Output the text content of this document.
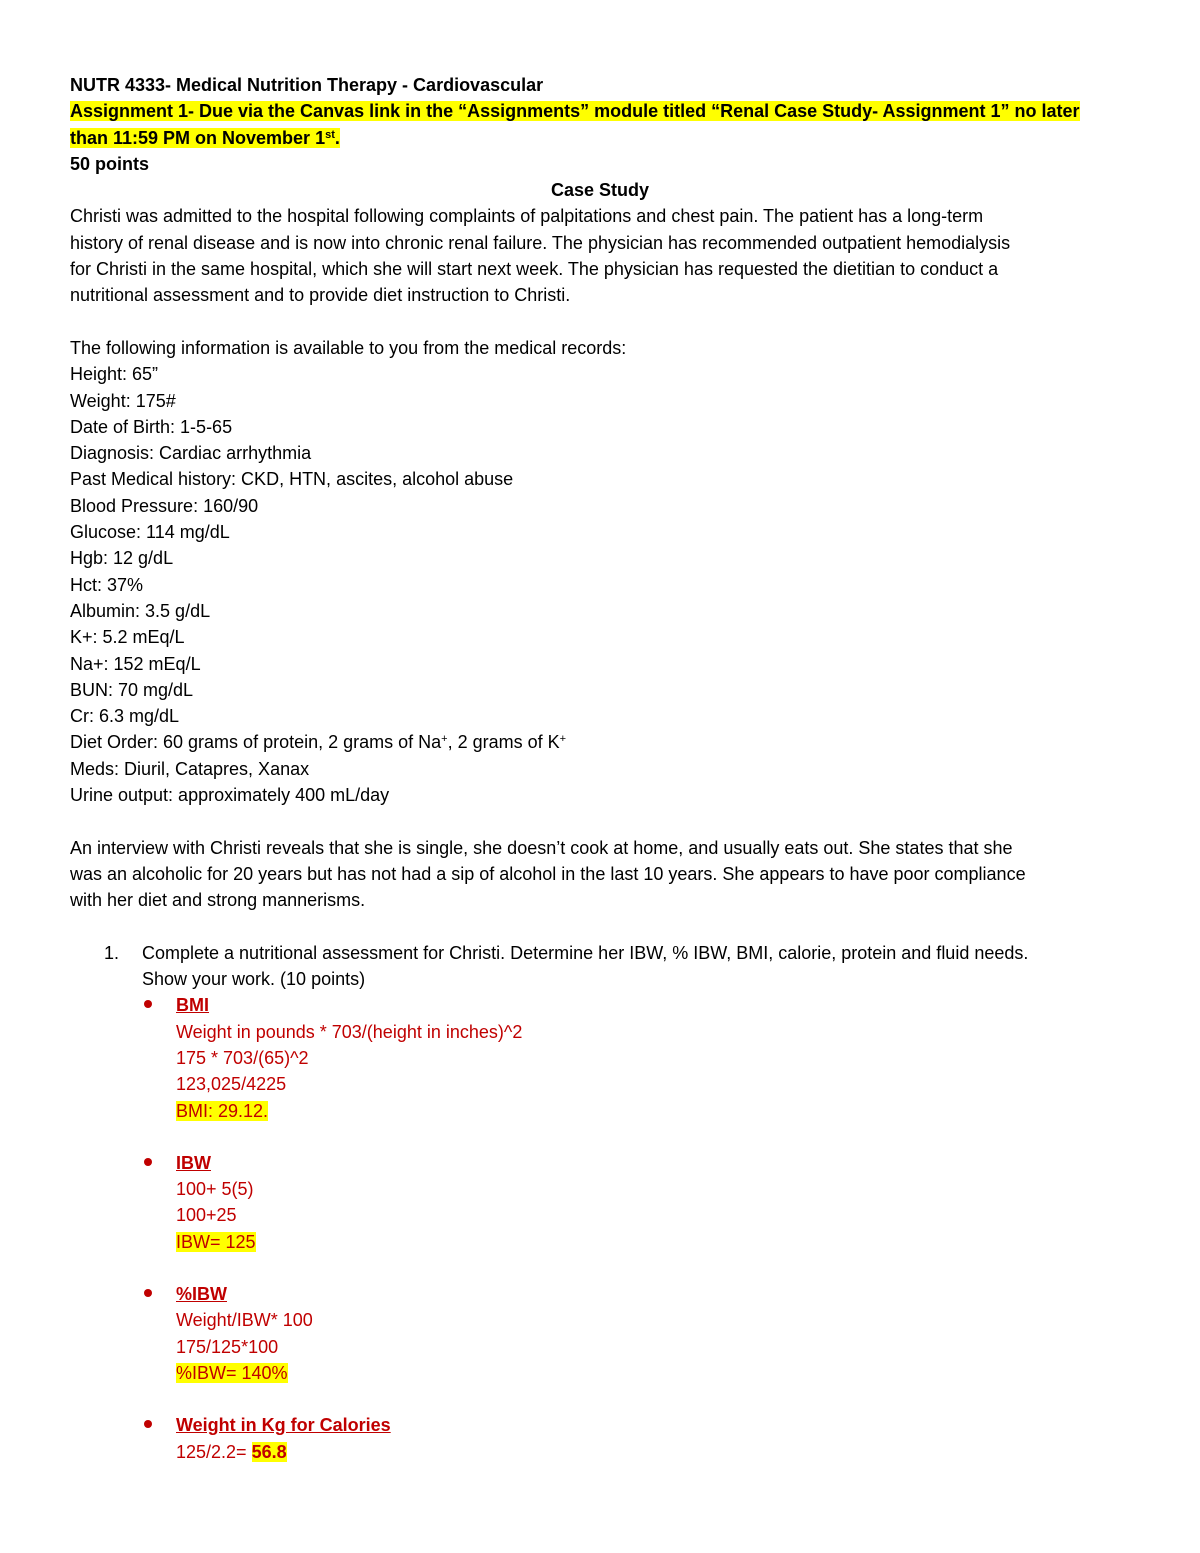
NUTR 4333- Medical Nutrition Therapy - Cardiovascular

Assignment 1- Due via the Canvas link in the “Assignments” module titled “Renal Case Study- Assignment 1” no later

than 11:59 PM on November 1st.

50 points

Case Study

Christi was admitted to the hospital following complaints of palpitations and chest pain. The patient has a long-term

history of renal disease and is now into chronic renal failure. The physician has recommended outpatient hemodialysis

for Christi in the same hospital, which she will start next week. The physician has requested the dietitian to conduct a

nutritional assessment and to provide diet instruction to Christi.

The following information is available to you from the medical records:

Height: 65”

Weight: 175#

Date of Birth: 1-5-65

Diagnosis: Cardiac arrhythmia

Past Medical history: CKD, HTN, ascites, alcohol abuse

Blood Pressure: 160/90

Glucose: 114 mg/dL

Hgb: 12 g/dL

Hct: 37%

Albumin: 3.5 g/dL

K+: 5.2 mEq/L

Na+: 152 mEq/L

BUN: 70 mg/dL

Cr: 6.3 mg/dL

Diet Order: 60 grams of protein, 2 grams of Na+, 2 grams of K+

Meds: Diuril, Catapres, Xanax

Urine output: approximately 400 mL/day

An interview with Christi reveals that she is single, she doesn’t cook at home, and usually eats out. She states that she

was an alcoholic for 20 years but has not had a sip of alcohol in the last 10 years. She appears to have poor compliance

with her diet and strong mannerisms.

1.	Complete a nutritional assessment for Christi. Determine her IBW, % IBW, BMI, calorie, protein and fluid needs.

Show your work. (10 points)

BMI

Weight in pounds * 703/(height in inches)^2

175 * 703/(65)^2

123,025/4225

BMI: 29.12.

IBW

100+ 5(5)

100+25

IBW= 125

%IBW

Weight/IBW* 100

175/125*100

%IBW= 140%

Weight in Kg for Calories

125/2.2= 56.8
